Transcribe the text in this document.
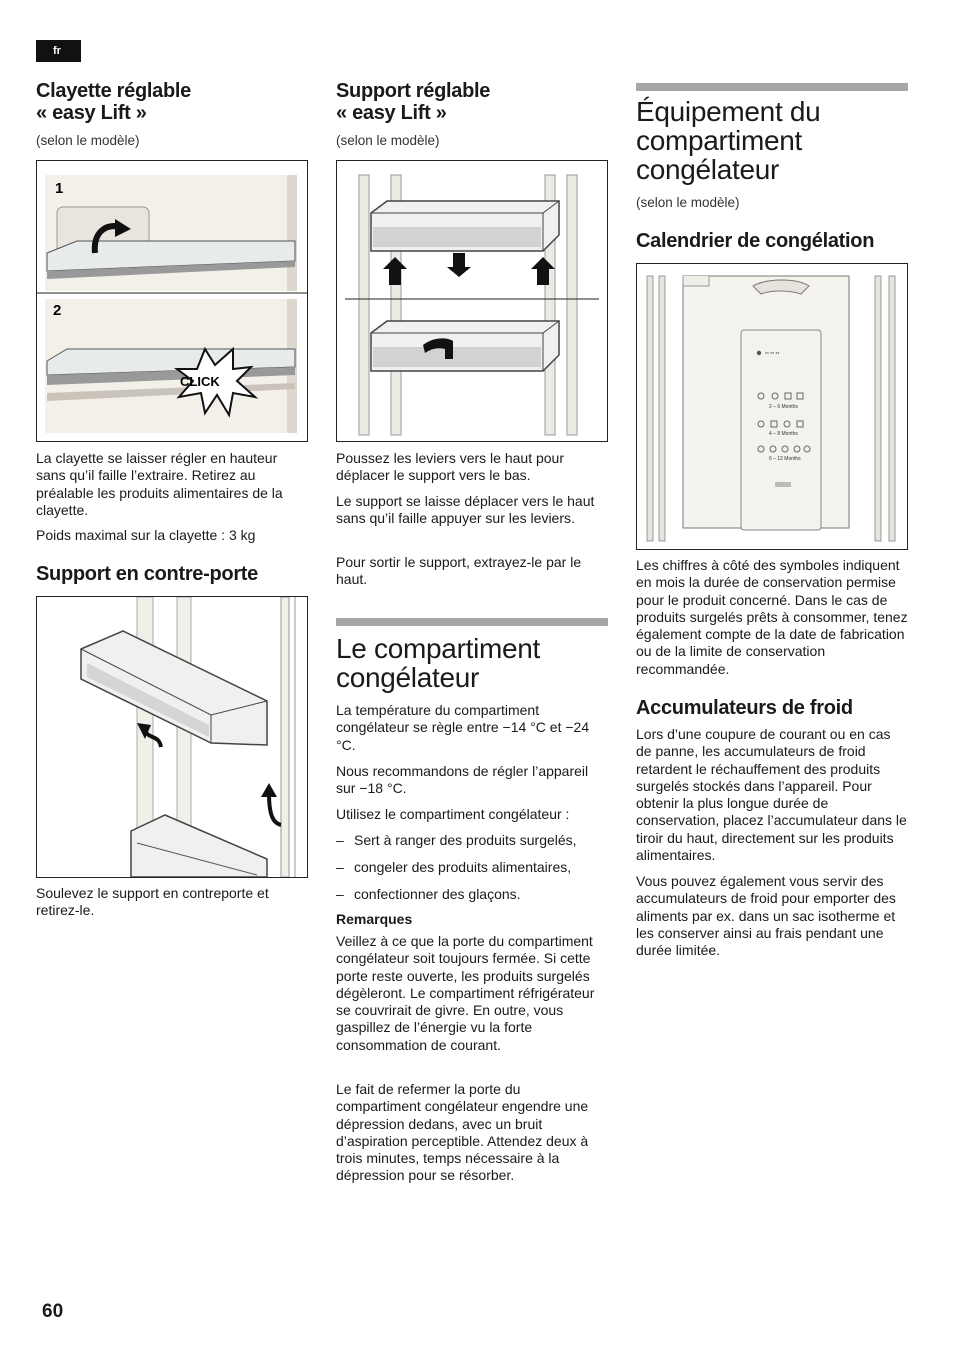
fr
Clayette réglable
« easy Lift »
(selon le modèle)
1
2
CLICK

La clayette se laisser régler en hauteur sans qu’il faille l’extraire. Retirez au préalable les produits alimentaires de la clayette.

Poids maximal sur la clayette : 3 kg

Support en contre-porte

Soulevez le support en contreporte et retirez-le.

Support réglable
« easy Lift »
(selon le modèle)

Poussez les leviers vers le haut pour déplacer le support vers le bas.

Le support se laisse déplacer vers le haut sans qu’il faille appuyer sur les leviers.

Pour sortir le support, extrayez-le par le haut.

Le compartiment
congélateur

La température du compartiment congélateur se règle entre −14 °C et −24 °C.

Nous recommandons de régler l’appareil sur −18 °C.

Utilisez le compartiment congélateur :

– Sert à ranger des produits surgelés,
– congeler des produits alimentaires,
– confectionner des glaçons.
Remarques

Veillez à ce que la porte du compartiment congélateur soit toujours fermée. Si cette porte reste ouverte, les produits surgelés dégèleront. Le compartiment réfrigérateur se couvrirait de givre. En outre, vous gaspillez de l’énergie vu la forte consommation de courant.

Le fait de refermer la porte du compartiment congélateur engendre une dépression dedans, avec un bruit d’aspiration perceptible. Attendez deux à trois minutes, temps nécessaire à la dépression pour se résorber.

Équipement du
compartiment
congélateur
(selon le modèle)
Calendrier de congélation
** ** **
2 – 6 Months
4 – 8 Months
6 – 12 Months

Les chiffres à côté des symboles indiquent en mois la durée de conservation permise pour le produit concerné. Dans le cas de produits surgelés prêts à consommer, tenez également compte de la date de fabrication ou de la limite de conservation recommandée.

Accumulateurs de froid

Lors d’une coupure de courant ou en cas de panne, les accumulateurs de froid retardent le réchauffement des produits surgelés stockés dans l’appareil. Pour obtenir la plus longue durée de conservation, placez l’accumulateur dans le tiroir du haut, directement sur les produits alimentaires.

Vous pouvez également vous servir des accumulateurs de froid pour emporter des aliments par ex. dans un sac isotherme et les conserver ainsi au frais pendant une durée limitée.

60
